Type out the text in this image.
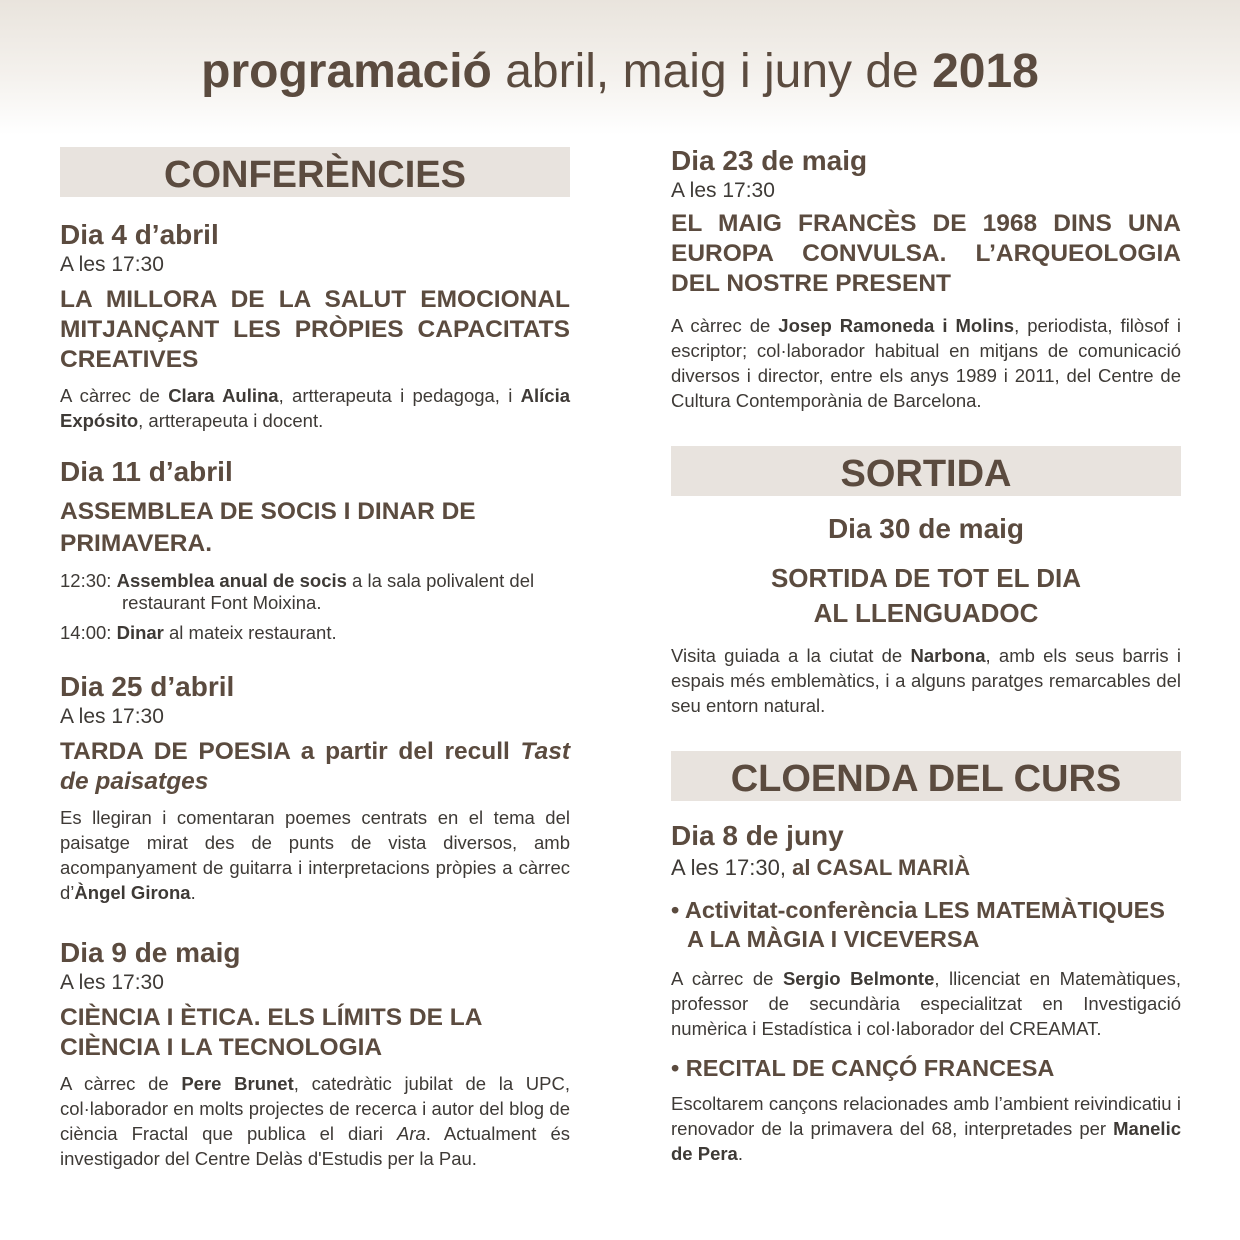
programació abril, maig i juny de 2018
CONFERÈNCIES
Dia 4 d’abril
A les 17:30
LA MILLORA DE LA SALUT EMOCIONAL MITJANÇANT LES PRÒPIES CAPACITATS CREATIVES
A càrrec de Clara Aulina, artterapeuta i pedagoga, i Alícia Expósito, artterapeuta i docent.
Dia 11 d’abril
ASSEMBLEA DE SOCIS I DINAR DE
PRIMAVERA.
12:30: Assemblea anual de socis a la sala polivalent del
restaurant Font Moixina.
14:00: Dinar al mateix restaurant.
Dia 25 d’abril
A les 17:30
TARDA DE POESIA a partir del recull Tast de paisatges
Es llegiran i comentaran poemes centrats en el tema del paisatge mirat des de punts de vista diversos, amb acompanyament de guitarra i interpretacions pròpies a càrrec d’Àngel Girona.
Dia 9 de maig
A les 17:30
CIÈNCIA I ÈTICA. ELS LÍMITS DE LA
CIÈNCIA I LA TECNOLOGIA
A càrrec de Pere Brunet, catedràtic jubilat de la UPC, col·laborador en molts projectes de recerca i autor del blog de ciència Fractal que publica el diari Ara. Actualment és investigador del Centre Delàs d'Estudis per la Pau.
Dia 23 de maig
A les 17:30
EL MAIG FRANCÈS DE 1968 DINS UNA EUROPA CONVULSA. L’ARQUEOLOGIA DEL NOSTRE PRESENT
A càrrec de Josep Ramoneda i Molins, periodista, filòsof i escriptor; col·laborador habitual en mitjans de comunicació diversos i director, entre els anys 1989 i 2011, del Centre de Cultura Contemporània de Barcelona.
SORTIDA
Dia 30 de maig
SORTIDA DE TOT EL DIA
AL LLENGUADOC
Visita guiada a la ciutat de Narbona, amb els seus barris i espais més emblemàtics, i a alguns paratges remarcables del seu entorn natural.
CLOENDA DEL CURS
Dia 8 de juny
A les 17:30, al CASAL MARIÀ
• Activitat-conferència LES MATEMÀTIQUES
A LA MÀGIA I VICEVERSA
A càrrec de Sergio Belmonte, llicenciat en Matemàtiques, professor de secundària especialitzat en Investigació numèrica i Estadística i col·laborador del CREAMAT.
• RECITAL DE CANÇÓ FRANCESA
Escoltarem cançons relacionades amb l’ambient reivindicatiu i renovador de la primavera del 68, interpretades per Manelic de Pera.
